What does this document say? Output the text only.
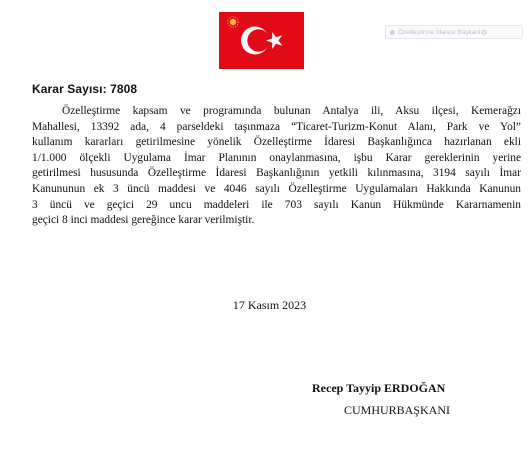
Özelleştirme İdaresi Başkanlığı
Karar Sayısı: 7808
Özelleştirme kapsam ve programında bulunan Antalya ili, Aksu ilçesi, Kemerağzı
Mahallesi, 13392 ada, 4 parseldeki taşınmaza “Ticaret-Turizm-Konut Alanı, Park ve Yol”
kullanım kararları getirilmesine yönelik Özelleştirme İdaresi Başkanlığınca hazırlanan ekli
1/1.000 ölçekli Uygulama İmar Planının onaylanmasına, işbu Karar gereklerinin yerine
getirilmesi hususunda Özelleştirme İdaresi Başkanlığının yetkili kılınmasına, 3194 sayılı İmar
Kanununun ek 3 üncü maddesi ve 4046 sayılı Özelleştirme Uygulamaları Hakkında Kanunun
3 üncü ve geçici 29 uncu maddeleri ile 703 sayılı Kanun Hükmünde Kararnamenin
geçici 8 inci maddesi gereğince karar verilmiştir.
17 Kasım 2023
Recep Tayyip ERDOĞAN
CUMHURBAŞKANI
